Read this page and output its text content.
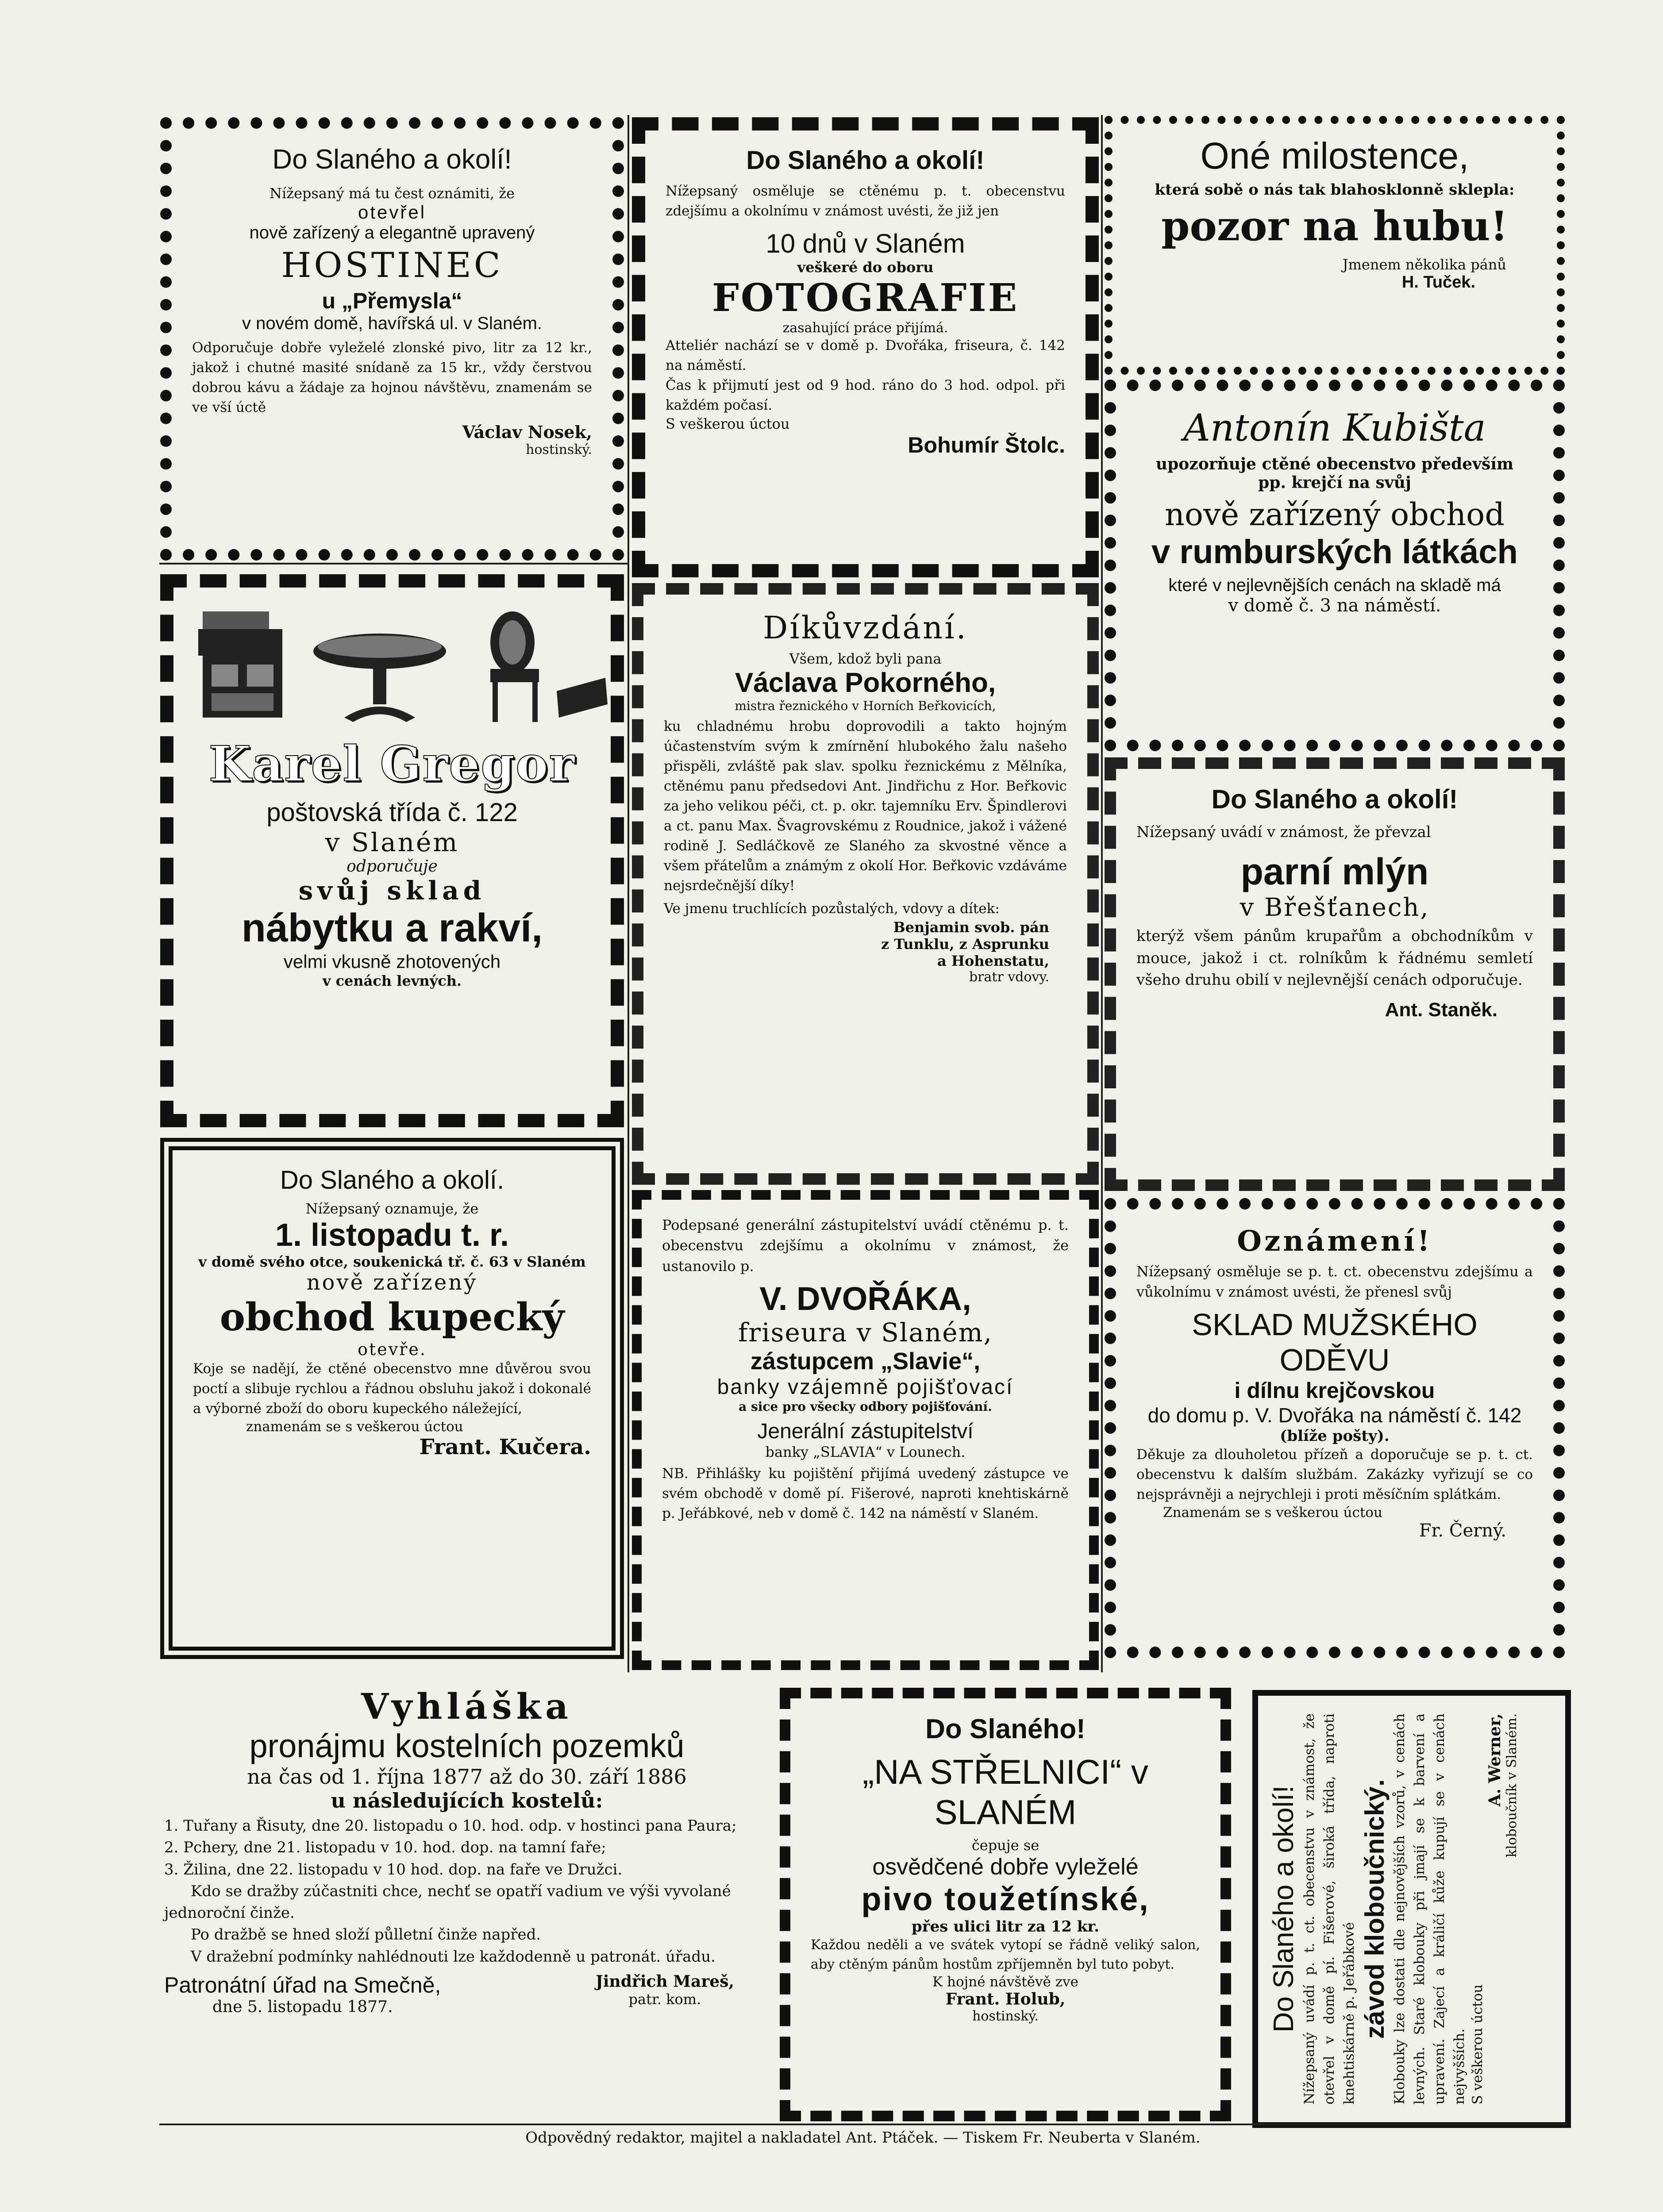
Do Slaného a okolí!

Nížepsaný má tu čest oznámiti, že

otevřel

nově zařízený a elegantně upravený

HOSTINEC

u „Přemysla“

v novém domě, havířská ul. v Slaném.

Odporučuje dobře vyleželé zlonské pivo, litr za 12 kr., jakož i chutné masité snídaně za 15 kr., vždy čerstvou dobrou kávu a žádaje za hojnou návštěvu, znamenám se ve vší úctě

Václav Nosek,

hostinský.

Do Slaného a okolí!

Nížepsaný osměluje se ctěnému p. t. obecenstvu zdejšímu a okolnímu v známost uvésti, že již jen

10 dnů v Slaném

veškeré do oboru

FOTOGRAFIE

zasahující práce přijímá.

Atteliér nachází se v domě p. Dvořáka, friseura, č. 142 na náměstí.

Čas k přijmutí jest od 9 hod. ráno do 3 hod. odpol. při každém počasí.

S veškerou úctou

Bohumír Štolc.

Oné milostence,

která sobě o nás tak blahosklonně sklepla:

pozor na hubu!

Jmenem několika pánů

H. Tuček.

Antonín Kubišta

upozorňuje ctěné obecenstvo především

pp. krejčí na svůj

nově zařízený obchod

v rumburských látkách

které v nejlevnějších cenách na skladě má

v domě č. 3 na náměstí.

Karel Gregor

poštovská třída č. 122

v Slaném

odporučuje

svůj sklad

nábytku a rakví,

velmi vkusně zhotovených

v cenách levných.

Díkůvzdání.

Všem, kdož byli pana

Václava Pokorného,

mistra řeznického v Horních Beřkovicích,

ku chladnému hrobu doprovodili a takto hojným účastenstvím svým k zmírnění hlubokého žalu našeho přispěli, zvláště pak slav. spolku řeznickému z Mělníka, ctěnému panu předsedovi Ant. Jindřichu z Hor. Beřkovic za jeho velikou péči, ct. p. okr. tajemníku Erv. Špindlerovi a ct. panu Max. Švagrovskému z Roudnice, jakož i vážené rodině J. Sedláčkově ze Slaného za skvostné věnce a všem přátelům a známým z okolí Hor. Beřkovic vzdáváme nejsrdečnější díky!

Ve jmenu truchlících pozůstalých, vdovy a dítek:

Benjamin svob. pán

z Tunklu, z Asprunku

a Hohenstatu,

bratr vdovy.

Do Slaného a okolí!

Nížepsaný uvádí v známost, že převzal

parní mlýn

v Břešťanech,

kterýž všem pánům krupařům a obchodníkům v mouce, jakož i ct. rolníkům k řádnému semletí všeho druhu obilí v nejlevnější cenách odporučuje.

Ant. Staněk.

Do Slaného a okolí.

Nížepsaný oznamuje, že

1. listopadu t. r.

v domě svého otce, soukenická tř. č. 63 v Slaném

nově zařízený

obchod kupecký

otevře.

Koje se nadějí, že ctěné obecenstvo mne důvěrou svou poctí a slibuje rychlou a řádnou obsluhu jakož i dokonalé a výborné zboží do oboru kupeckého náležející,

znamenám se s veškerou úctou

Frant. Kučera.

Podepsané generální zástupitelství uvádí ctěnému p. t. obecenstvu zdejšímu a okolnímu v známost, že ustanovilo p.

V. DVOŘÁKA,

friseura v Slaném,

zástupcem „Slavie“,

banky vzájemně pojišťovací

a sice pro všecky odbory pojišťování.

Jenerální zástupitelství

banky „SLAVIA“ v Lounech.

NB. Přihlášky ku pojištění přijímá uvedený zástupce ve svém obchodě v domě pí. Fišerové, naproti knehtiskárně p. Jeřábkové, neb v domě č. 142 na náměstí v Slaném.

Oznámení!

Nížepsaný osměluje se p. t. ct. obecenstvu zdejšímu a vůkolnímu v známost uvésti, že přenesl svůj

SKLAD MUŽSKÉHO ODĚVU

i dílnu krejčovskou

do domu p. V. Dvořáka na náměstí č. 142

(blíže pošty).

Děkuje za dlouholetou přízeň a doporučuje se p. t. ct. obecenstvu k dalším službám. Zakázky vyřizují se co nejsprávněji a nejrychleji i proti měsíčním splátkám.

Znamenám se s veškerou úctou

Fr. Černý.

Vyhláška

pronájmu kostelních pozemků

na čas od 1. října 1877 až do 30. září 1886

u následujících kostelů:

1. Tuřany a Řisuty, dne 20. listopadu o 10. hod. odp. v hostinci pana Paura;

2. Pchery, dne 21. listopadu v 10. hod. dop. na tamní faře;

3. Žilina, dne 22. listopadu v 10 hod. dop. na faře ve Družci.

Kdo se dražby zúčastniti chce, nechť se opatří vadium ve výši vyvolané jednoroční činže.

Po dražbě se hned složí půlletní činže napřed.

V dražební podmínky nahlédnouti lze každodenně u patronát. úřadu.

Patronátní úřad na Smečně,

dne 5. listopadu 1877.

Jindřich Mareš,

patr. kom.

Do Slaného!

„NA STŘELNICI“ v SLANÉM

čepuje se

osvědčené dobře vyleželé

pivo toužetínské,

přes ulici litr za 12 kr.

Každou neděli a ve svátek vytopí se řádně veliký salon, aby ctěným pánům hostům zpříjemněn byl tuto pobyt.

K hojné návštěvě zve

Frant. Holub,

hostinský.	Do Slaného a okolí! Nížepsaný uvádí p. t. ct. obecenstvu v známost, že otevřel v domě pí. Fišerové, široká třída, naproti knehtiskárně p. Jeřábkové závod kloboučnický. Klobouky lze dostati dle nejnovějších vzorů, v cenách levných. Staré klobouky při jmají se k barvení a upravení. Zajecí a králičí kůže kupují se v cenách nejvyšších. S veškerou úctou

A. Werner, kloboučník v Slaném.

Odpovědný redaktor, majitel a nakladatel Ant. Ptáček. — Tiskem Fr. Neuberta v Slaném.
